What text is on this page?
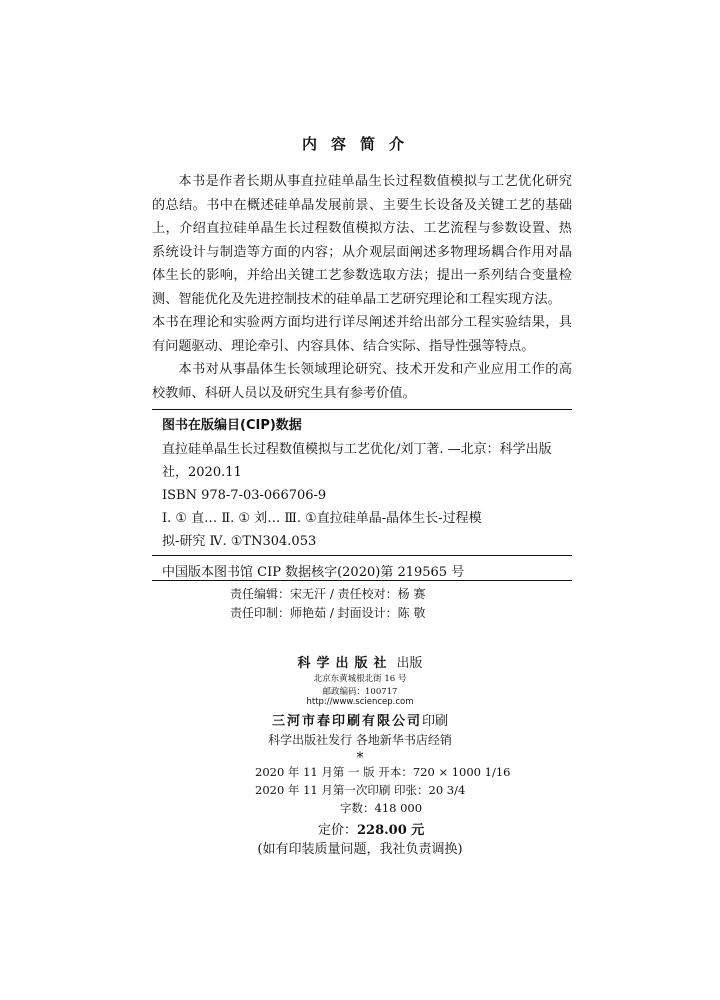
内容简介

本书是作者长期从事直拉硅单晶生长过程数值模拟与工艺优化研究的总结。书中在概述硅单晶发展前景、主要生长设备及关键工艺的基础上，介绍直拉硅单晶生长过程数值模拟方法、工艺流程与参数设置、热系统设计与制造等方面的内容；从介观层面阐述多物理场耦合作用对晶体生长的影响，并给出关键工艺参数选取方法；提出一系列结合变量检测、智能优化及先进控制技术的硅单晶工艺研究理论和工程实现方法。

本书在理论和实验两方面均进行详尽阐述并给出部分工程实验结果，具有问题驱动、理论牵引、内容具体、结合实际、指导性强等特点。

本书对从事晶体生长领域理论研究、技术开发和产业应用工作的高校教师、科研人员以及研究生具有参考价值。

图书在版编目(CIP)数据
直拉硅单晶生长过程数值模拟与工艺优化/刘丁著. —北京：科学出版
社，2020.11
ISBN 978-7-03-066706-9
Ⅰ. ① 直… Ⅱ. ① 刘… Ⅲ. ①直拉硅单晶-晶体生长-过程模
拟-研究 Ⅳ. ①TN304.053
中国版本图书馆 CIP 数据核字(2020)第 219565 号
责任编辑：宋无汗 / 责任校对：杨 赛
责任印制：师艳茹 / 封面设计：陈 敬
科学出版社 出版
北京东黄城根北街 16 号
邮政编码：100717
http://www.sciencep.com
三河市春印刷有限公司印刷
科学出版社发行 各地新华书店经销
*
2020 年 11 月第 一 版 开本：720 × 1000 1/16
2020 年 11 月第一次印刷 印张：20 3/4
字数：418 000
定价：228.00 元
(如有印装质量问题，我社负责调换)
